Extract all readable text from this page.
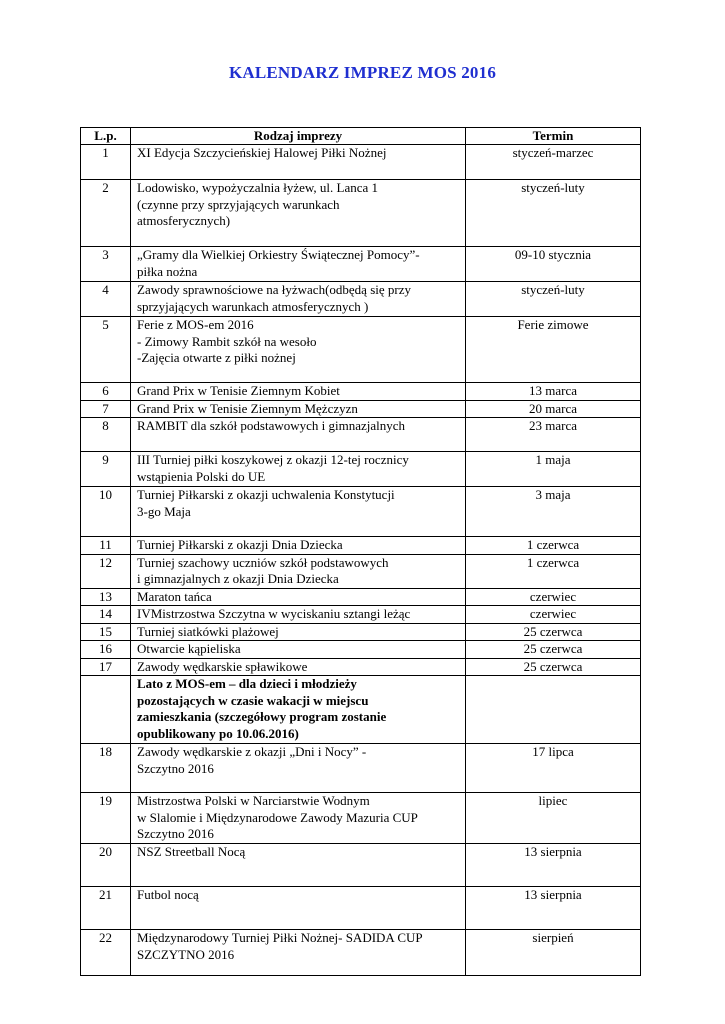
KALENDARZ IMPREZ MOS 2016
L.p.	Rodzaj imprezy	Termin
1	XI Edycja Szczycieńskiej Halowej Piłki Nożnej	styczeń-marzec
2	Lodowisko, wypożyczalnia łyżew, ul. Lanca 1
(czynne przy sprzyjających warunkach
atmosferycznych)	styczeń-luty
3	„Gramy dla Wielkiej Orkiestry Świątecznej Pomocy”-
piłka nożna	09-10 stycznia
4	Zawody sprawnościowe na łyżwach(odbędą się przy
sprzyjających warunkach atmosferycznych )	styczeń-luty
5	Ferie z MOS-em 2016
- Zimowy Rambit szkół na wesoło
-Zajęcia otwarte z piłki nożnej	Ferie zimowe
6	Grand Prix w Tenisie Ziemnym Kobiet	13 marca
7	Grand Prix w Tenisie Ziemnym Mężczyzn	20 marca
8	RAMBIT dla szkół podstawowych i gimnazjalnych	23 marca
9	III Turniej piłki koszykowej z okazji 12-tej rocznicy
wstąpienia Polski do UE	1 maja
10	Turniej Piłkarski z okazji uchwalenia Konstytucji
3-go Maja	3 maja
11	Turniej Piłkarski z okazji Dnia Dziecka	1 czerwca
12	Turniej szachowy uczniów szkół podstawowych
i gimnazjalnych z okazji Dnia Dziecka	1 czerwca
13	Maraton tańca	czerwiec
14	IVMistrzostwa Szczytna w wyciskaniu sztangi leżąc	czerwiec
15	Turniej siatkówki plażowej	25 czerwca
16	Otwarcie kąpieliska	25 czerwca
17	Zawody wędkarskie spławikowe	25 czerwca
	Lato z MOS-em – dla dzieci i młodzieży
pozostających w czasie wakacji w miejscu
zamieszkania (szczegółowy program zostanie
opublikowany po 10.06.2016)	
18	Zawody wędkarskie z okazji „Dni i Nocy” -
Szczytno 2016	17 lipca
19	Mistrzostwa Polski w Narciarstwie Wodnym
w Slalomie i Międzynarodowe Zawody Mazuria CUP
Szczytno 2016	lipiec
20	NSZ Streetball Nocą	13 sierpnia
21	Futbol nocą	13 sierpnia
22	Międzynarodowy Turniej Piłki Nożnej- SADIDA CUP
SZCZYTNO 2016	sierpień
